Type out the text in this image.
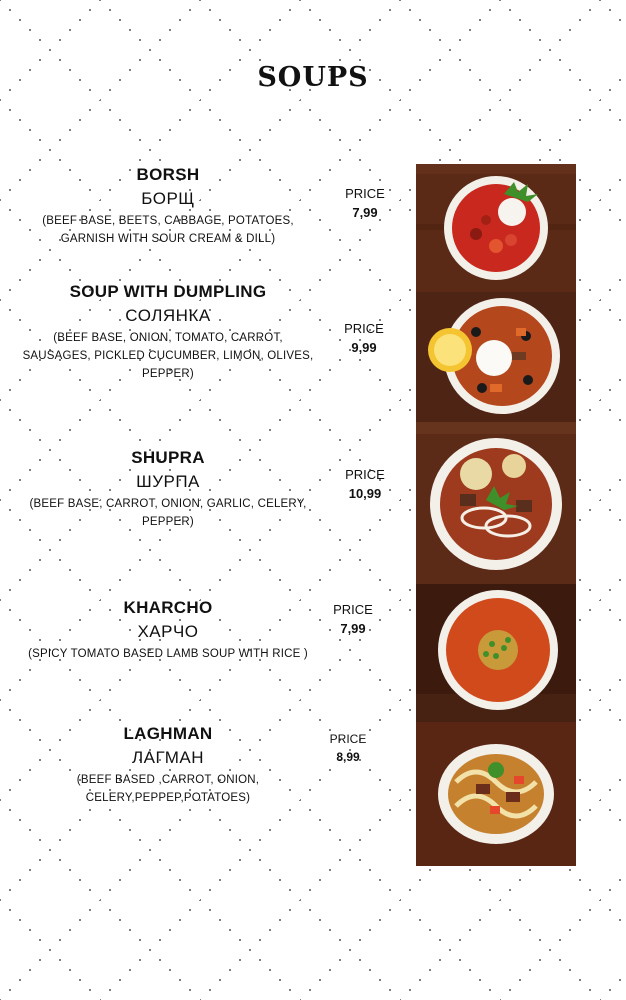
SOUPS
BORSH
БОРЩ
(BEEF BASE, BEETS, CABBAGE, POTATOES, GARNISH WITH SOUR CREAM & DILL)
PRICE
7,99
SOUP WITH DUMPLING
СОЛЯНКА
(BEEF BASE, ONION, TOMATO, CARROT, SAUSAGES, PICKLED CUCUMBER, LIMON, OLIVES, PEPPER)
PRICE
9,99
SHUPRA
ШУРПА
(BEEF BASE, CARROT, ONION, GARLIC, CELERY, PEPPER)
PRICE
10,99
KHARCHO
ХАРЧО
(SPICY TOMATO BASED LAMB SOUP WITH RICE )
PRICE
7,99
LAGHMAN
ЛАГМАН
(BEEF BASED ,CARROT, ONION, CELERY,PEPPEP,POTATOES)
PRICE
8,99
